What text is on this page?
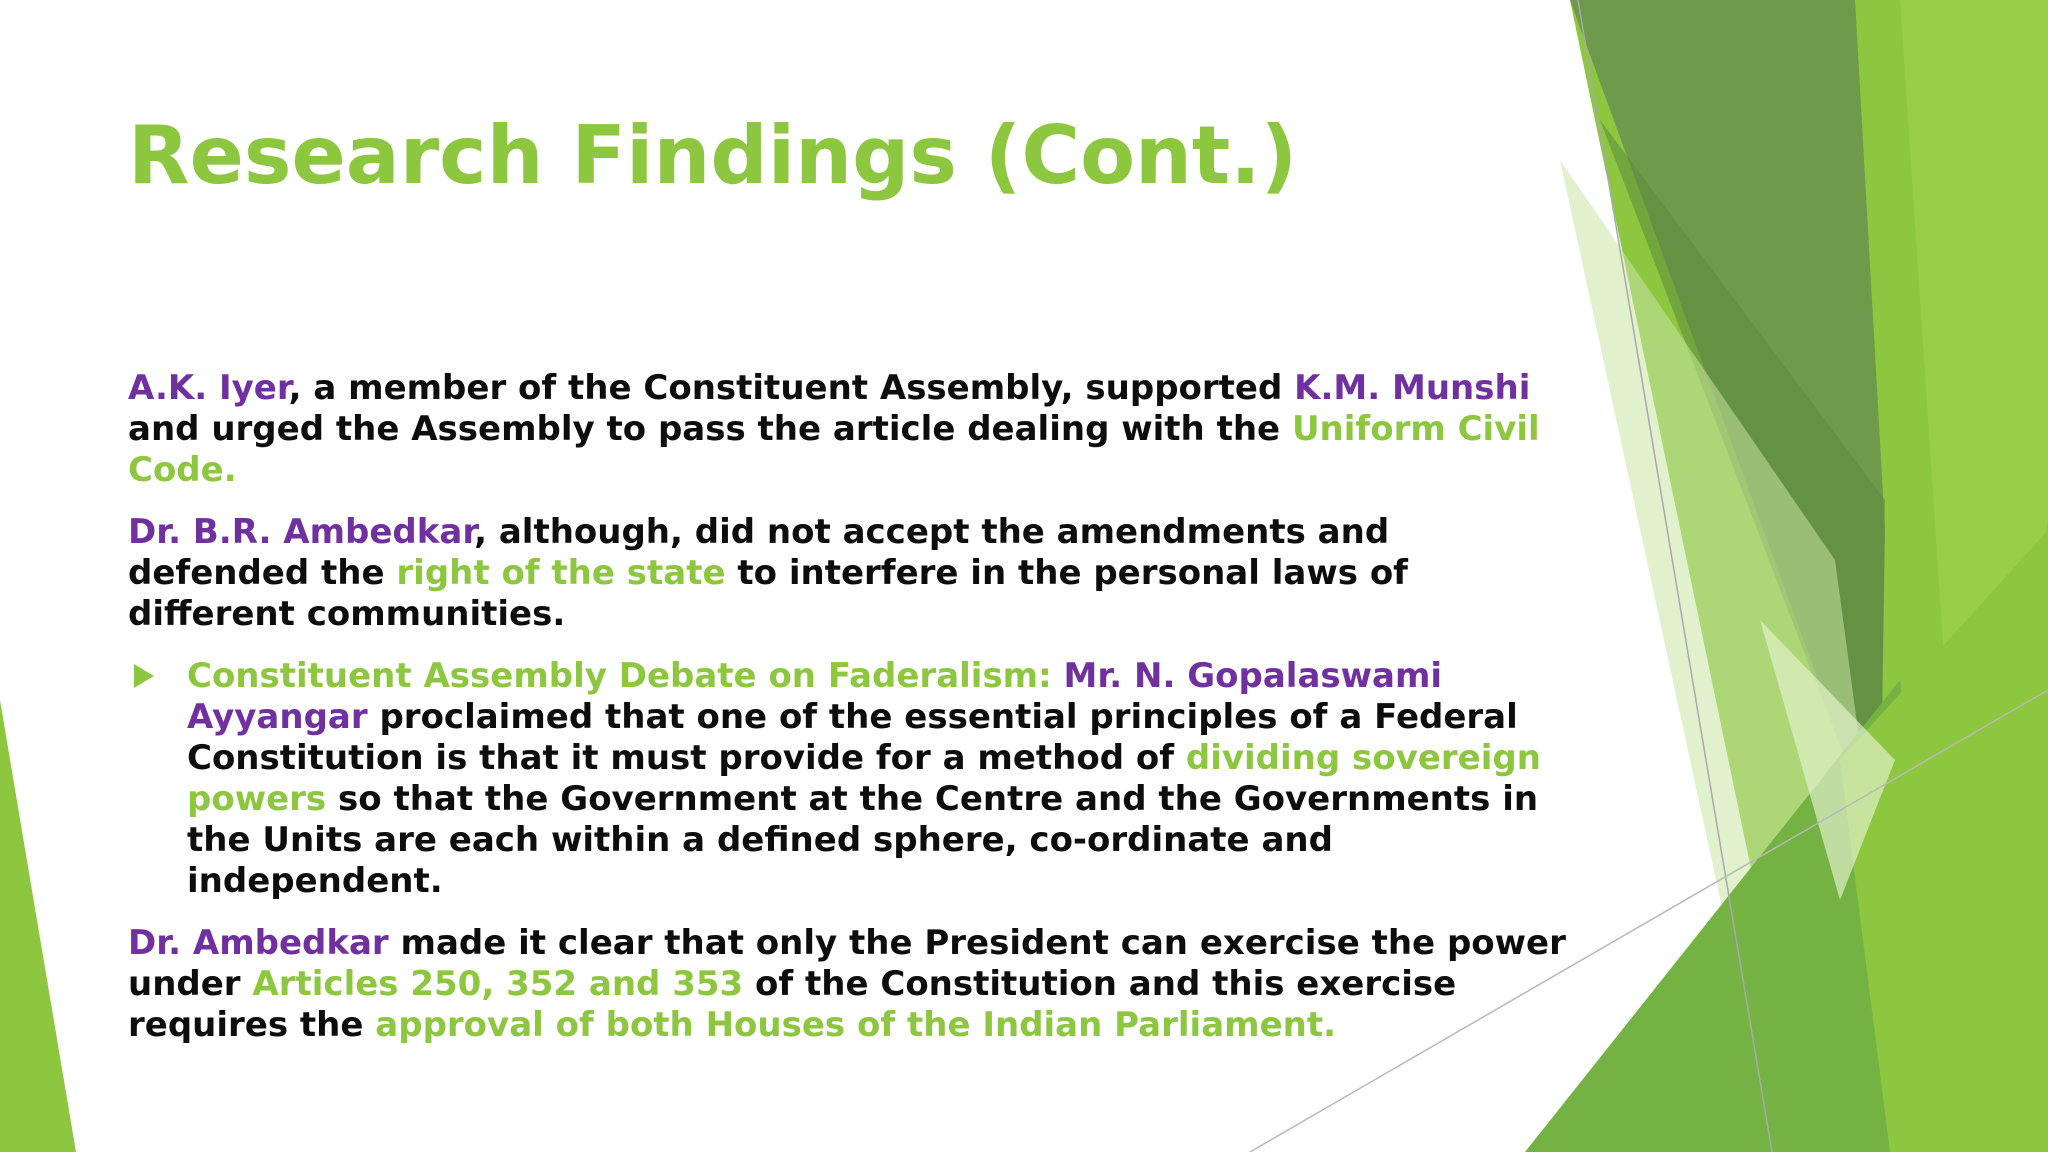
Research Findings (Cont.)

A.K. Iyer, a member of the Constituent Assembly, supported K.M. Munshi and urged the Assembly to pass the article dealing with the Uniform Civil Code.

Dr. B.R. Ambedkar, although, did not accept the amendments and defended the right of the state to interfere in the personal laws of different communities.

Constituent Assembly Debate on Faderalism: Mr. N. Gopalaswami Ayyangar proclaimed that one of the essential principles of a Federal Constitution is that it must provide for a method of dividing sovereign powers so that the Government at the Centre and the Governments in the Units are each within a defined sphere, co-ordinate and independent.

Dr. Ambedkar made it clear that only the President can exercise the power under Articles 250, 352 and 353 of the Constitution and this exercise requires the approval of both Houses of the Indian Parliament.
